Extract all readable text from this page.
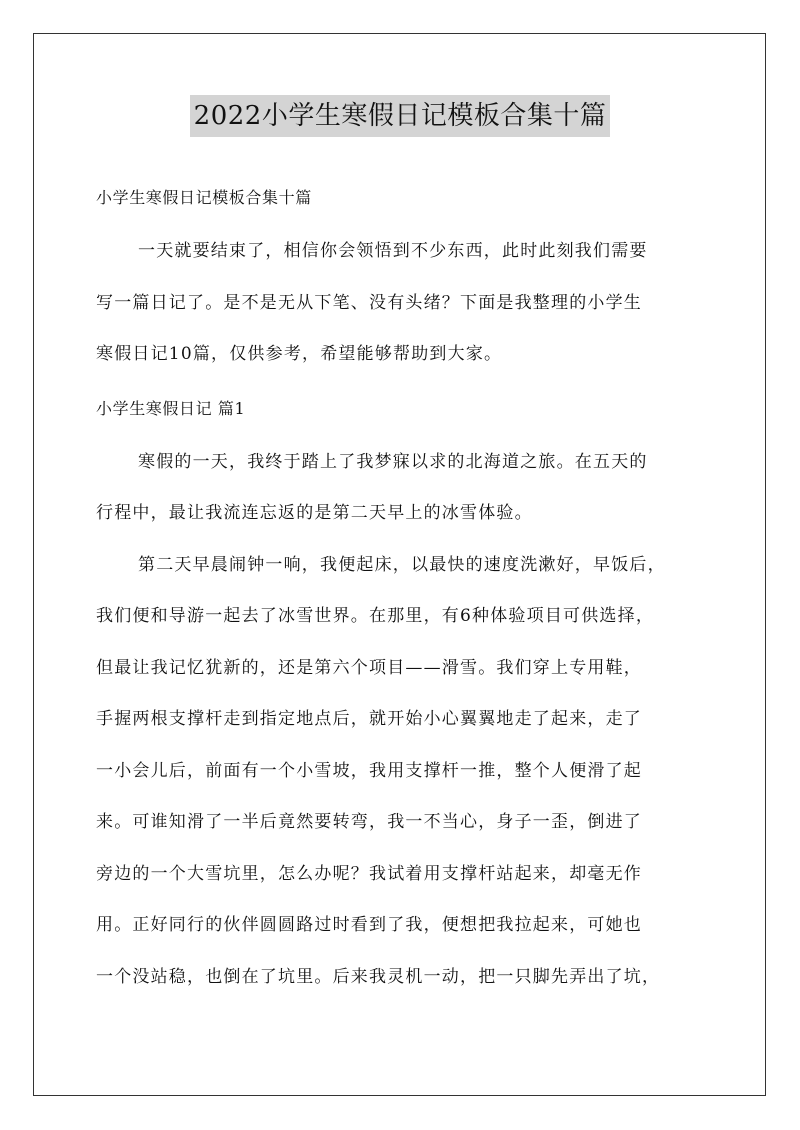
2022小学生寒假日记模板合集十篇

小学生寒假日记模板合集十篇

一天就要结束了，相信你会领悟到不少东西，此时此刻我们需要
写一篇日记了。是不是无从下笔、没有头绪？下面是我整理的小学生
寒假日记10篇，仅供参考，希望能够帮助到大家。

小学生寒假日记 篇1

寒假的一天，我终于踏上了我梦寐以求的北海道之旅。在五天的
行程中，最让我流连忘返的是第二天早上的冰雪体验。

第二天早晨闹钟一响，我便起床，以最快的速度洗漱好，早饭后，
我们便和导游一起去了冰雪世界。在那里，有6种体验项目可供选择，
但最让我记忆犹新的，还是第六个项目——滑雪。我们穿上专用鞋，
手握两根支撑杆走到指定地点后，就开始小心翼翼地走了起来，走了
一小会儿后，前面有一个小雪坡，我用支撑杆一推，整个人便滑了起
来。可谁知滑了一半后竟然要转弯，我一不当心，身子一歪，倒进了
旁边的一个大雪坑里，怎么办呢？我试着用支撑杆站起来，却毫无作
用。正好同行的伙伴圆圆路过时看到了我，便想把我拉起来，可她也
一个没站稳，也倒在了坑里。后来我灵机一动，把一只脚先弄出了坑，
